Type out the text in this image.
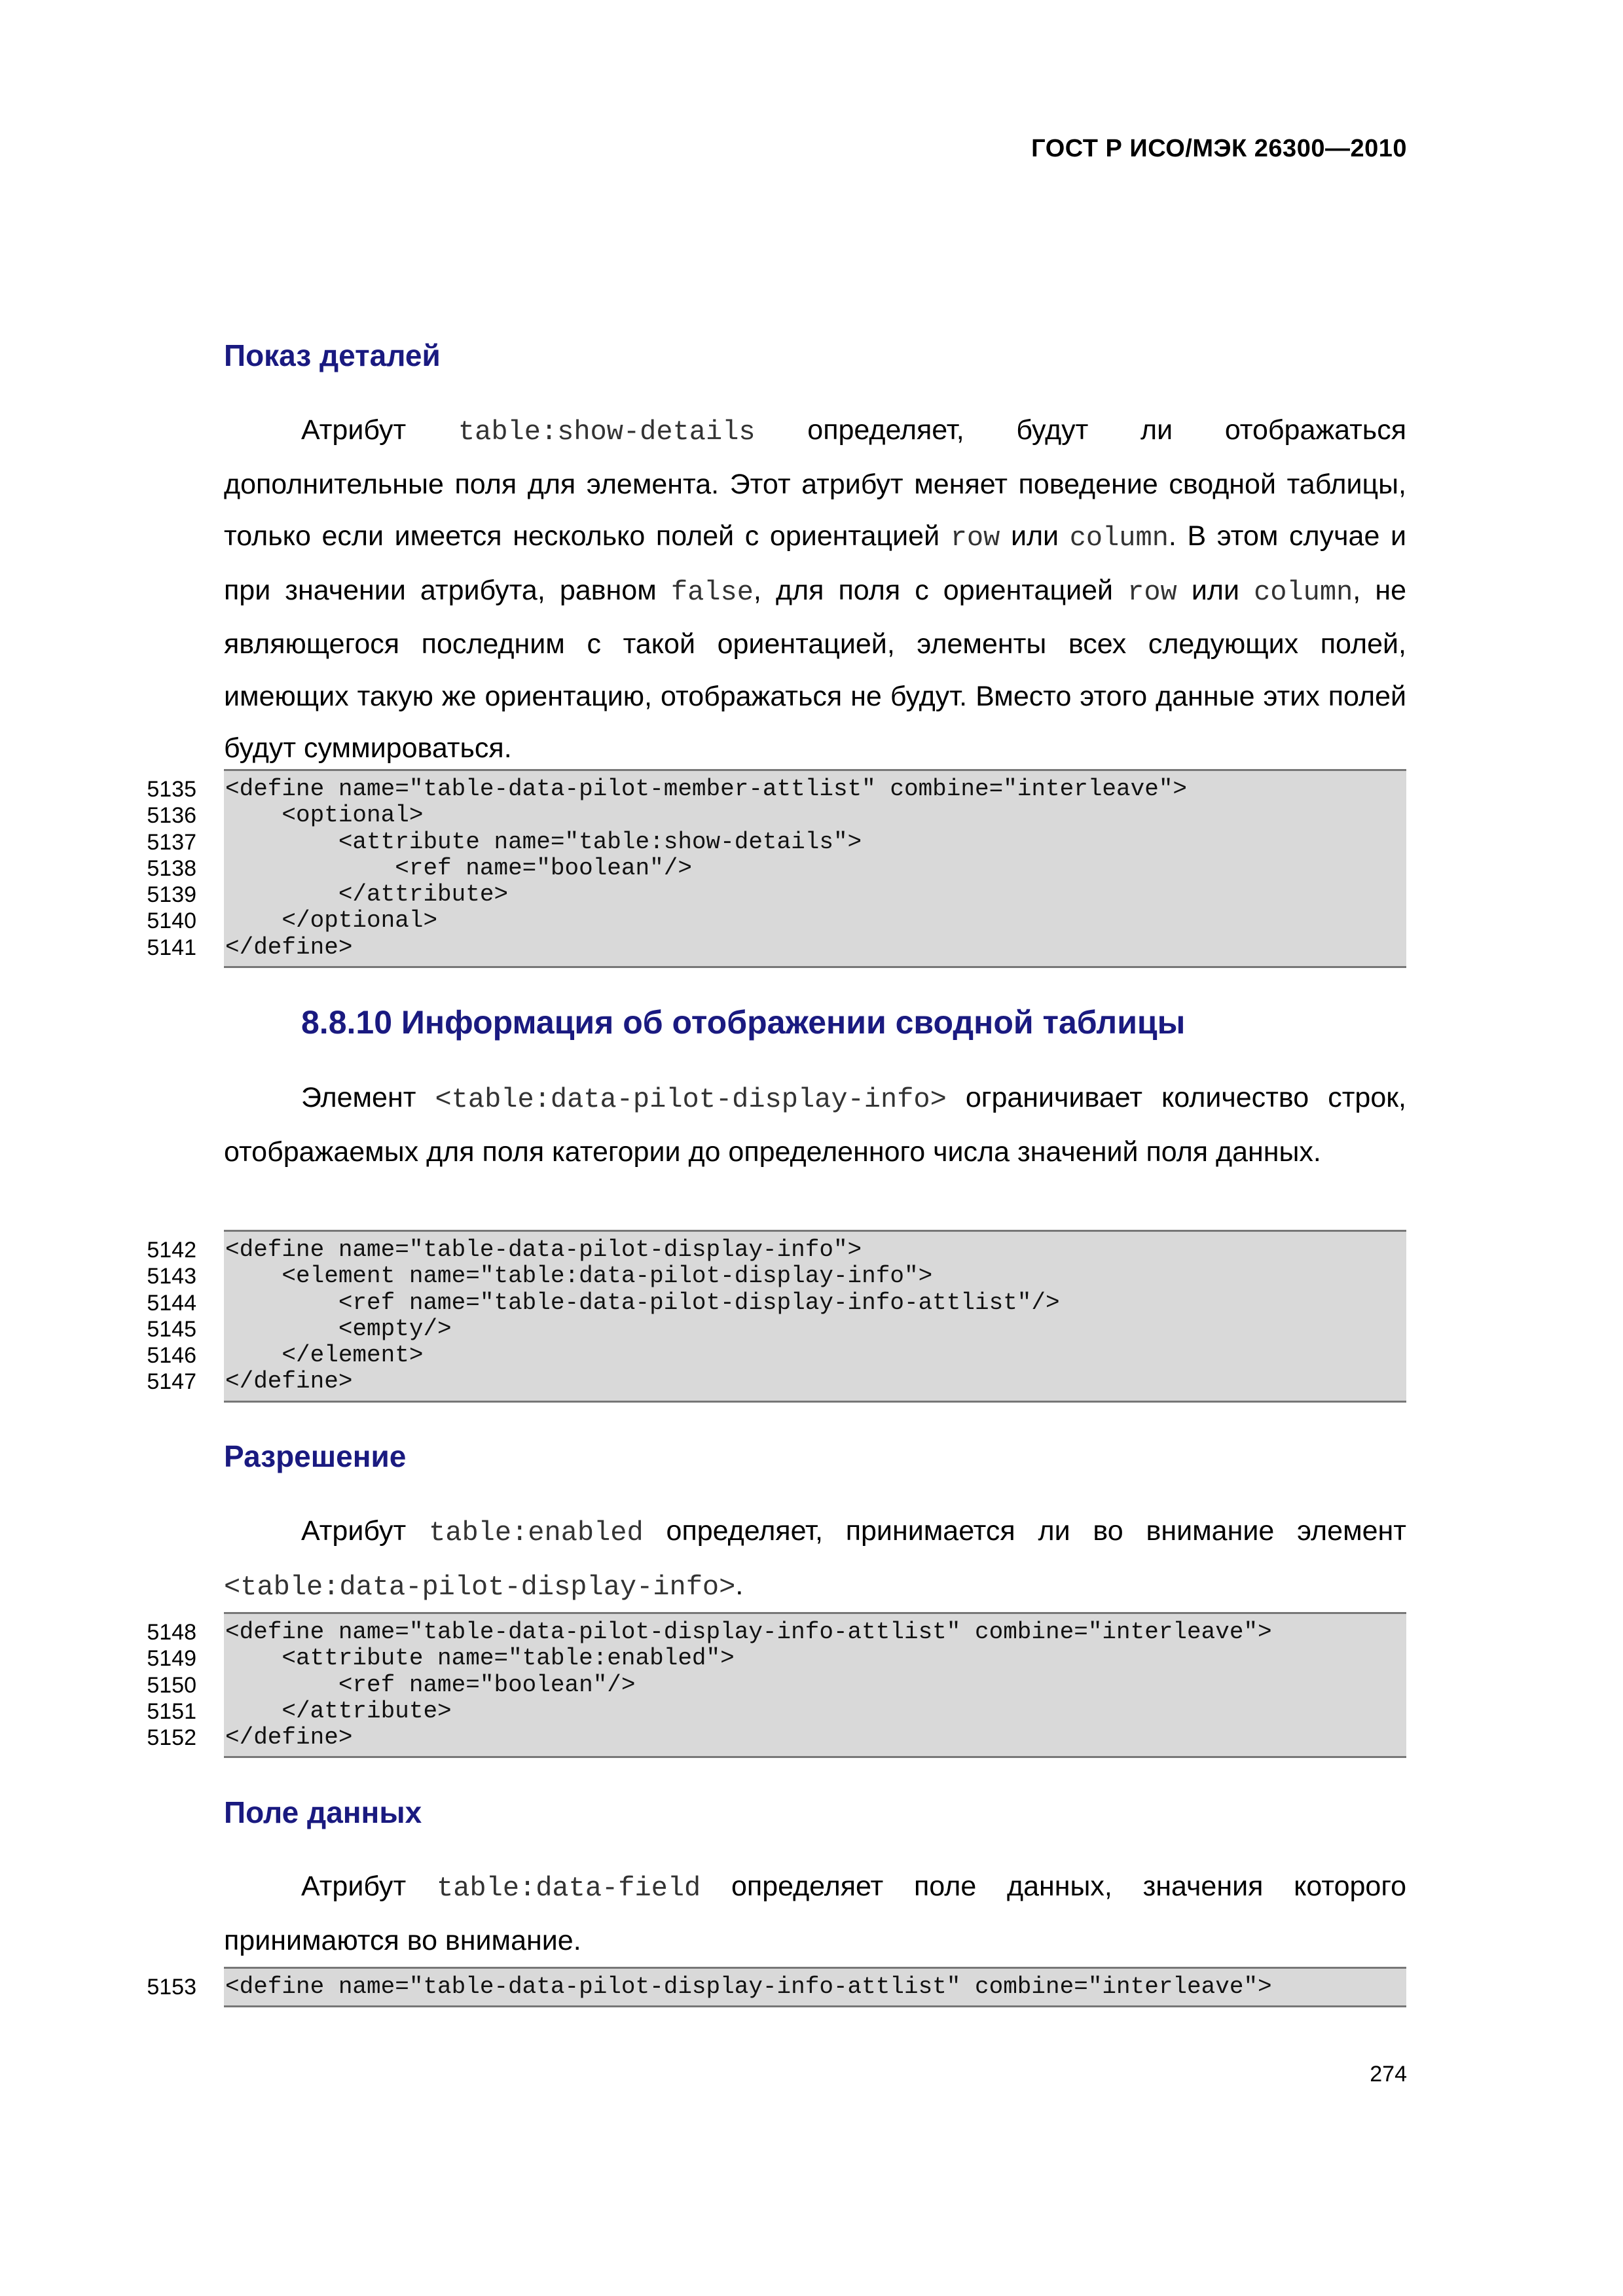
ГОСТ Р ИСО/МЭК 26300—2010
Показ деталей

Атрибут table:show-details определяет, будут ли отображаться дополнительные поля для элемента. Этот атрибут меняет поведение сводной таблицы, только если имеется несколько полей с ориентацией row или column. В этом случае и при значении атрибута, равном false, для поля с ориентацией row или column, не являющегося последним с такой ориентацией, элементы всех следующих полей, имеющих такую же ориентацию, отображаться не будут. Вместо этого данные этих полей будут суммироваться.

5135 <define name="table-data-pilot-member-attlist" combine="interleave">
5136 <optional>
5137 <attribute name="table:show-details">
5138 <ref name="boolean"/>
5139 </attribute>
5140 </optional>
5141 </define>
8.8.10 Информация об отображении сводной таблицы

Элемент <table:data-pilot-display-info> ограничивает количество строк, отображаемых для поля категории до определенного числа значений поля данных.

5142 <define name="table-data-pilot-display-info">
5143 <element name="table:data-pilot-display-info">
5144 <ref name="table-data-pilot-display-info-attlist"/>
5145 <empty/>
5146 </element>
5147 </define>
Разрешение

Атрибут table:enabled определяет, принимается ли во внимание элемент <table:data-pilot-display-info>.

5148 <define name="table-data-pilot-display-info-attlist" combine="interleave">
5149 <attribute name="table:enabled">
5150 <ref name="boolean"/>
5151 </attribute>
5152 </define>
Поле данных

Атрибут table:data-field определяет поле данных, значения которого принимаются во внимание.

5153 <define name="table-data-pilot-display-info-attlist" combine="interleave">
274
